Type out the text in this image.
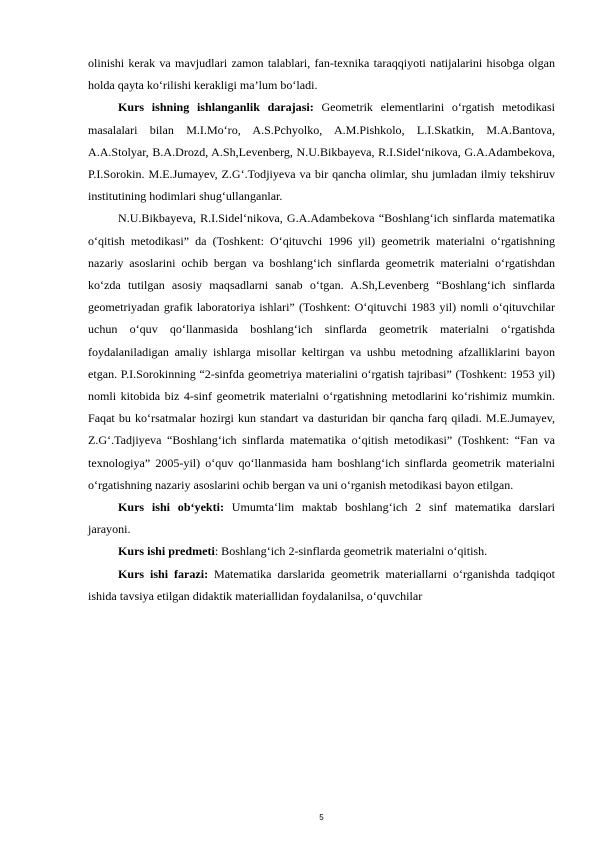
olinishi kerak va mavjudlari zamon talablari, fan-texnika taraqqiyoti natijalarini hisobga olgan holda qayta ko‘rilishi kerakligi ma’lum bo‘ladi.

Kurs ishning ishlanganlik darajasi: Geometrik elementlarini o‘rgatish metodikasi masalalari bilan M.I.Mo‘ro, A.S.Pchyolko, A.M.Pishkolo, L.I.Skatkin, M.A.Bantova, A.A.Stolyar, B.A.Drozd, A.Sh,Levenberg, N.U.Bikbayeva, R.I.Sidel‘nikova, G.A.Adambekova, P.I.Sorokin. M.E.Jumayev, Z.G‘.Todjiyeva va bir qancha olimlar, shu jumladan ilmiy tekshiruv institutining hodimlari shug‘ullanganlar.

N.U.Bikbayeva, R.I.Sidel‘nikova, G.A.Adambekova “Boshlang‘ich sinflarda matematika o‘qitish metodikasi” da (Toshkent: O‘qituvchi 1996 yil) geometrik materialni o‘rgatishning nazariy asoslarini ochib bergan va boshlang‘ich sinflarda geometrik materialni o‘rgatishdan ko‘zda tutilgan asosiy maqsadlarni sanab o‘tgan. A.Sh,Levenberg “Boshlang‘ich sinflarda geometriyadan grafik laboratoriya ishlari” (Toshkent: O‘qituvchi 1983 yil) nomli o‘qituvchilar uchun o‘quv qo‘llanmasida boshlang‘ich sinflarda geometrik materialni o‘rgatishda foydalaniladigan amaliy ishlarga misollar keltirgan va ushbu metodning afzalliklarini bayon etgan. P.I.Sorokinning “2-sinfda geometriya materialini o‘rgatish tajribasi” (Toshkent: 1953 yil) nomli kitobida biz 4-sinf geometrik materialni o‘rgatishning metodlarini ko‘rishimiz mumkin. Faqat bu ko‘rsatmalar hozirgi kun standart va dasturidan bir qancha farq qiladi. M.E.Jumayev, Z.G‘.Tadjiyeva “Boshlang‘ich sinflarda matematika o‘qitish metodikasi” (Toshkent: “Fan va texnologiya” 2005-yil) o‘quv qo‘llanmasida ham boshlang‘ich sinflarda geometrik materialni o‘rgatishning nazariy asoslarini ochib bergan va uni o‘rganish metodikasi bayon etilgan.

Kurs ishi ob‘yekti: Umumta‘lim maktab boshlang‘ich 2 sinf matematika darslari jarayoni.

Kurs ishi predmeti: Boshlang‘ich 2-sinflarda geometrik materialni o‘qitish.

Kurs ishi farazi: Matematika darslarida geometrik materiallarni o‘rganishda tadqiqot ishida tavsiya etilgan didaktik materiallidan foydalanilsa, o‘quvchilar

5
